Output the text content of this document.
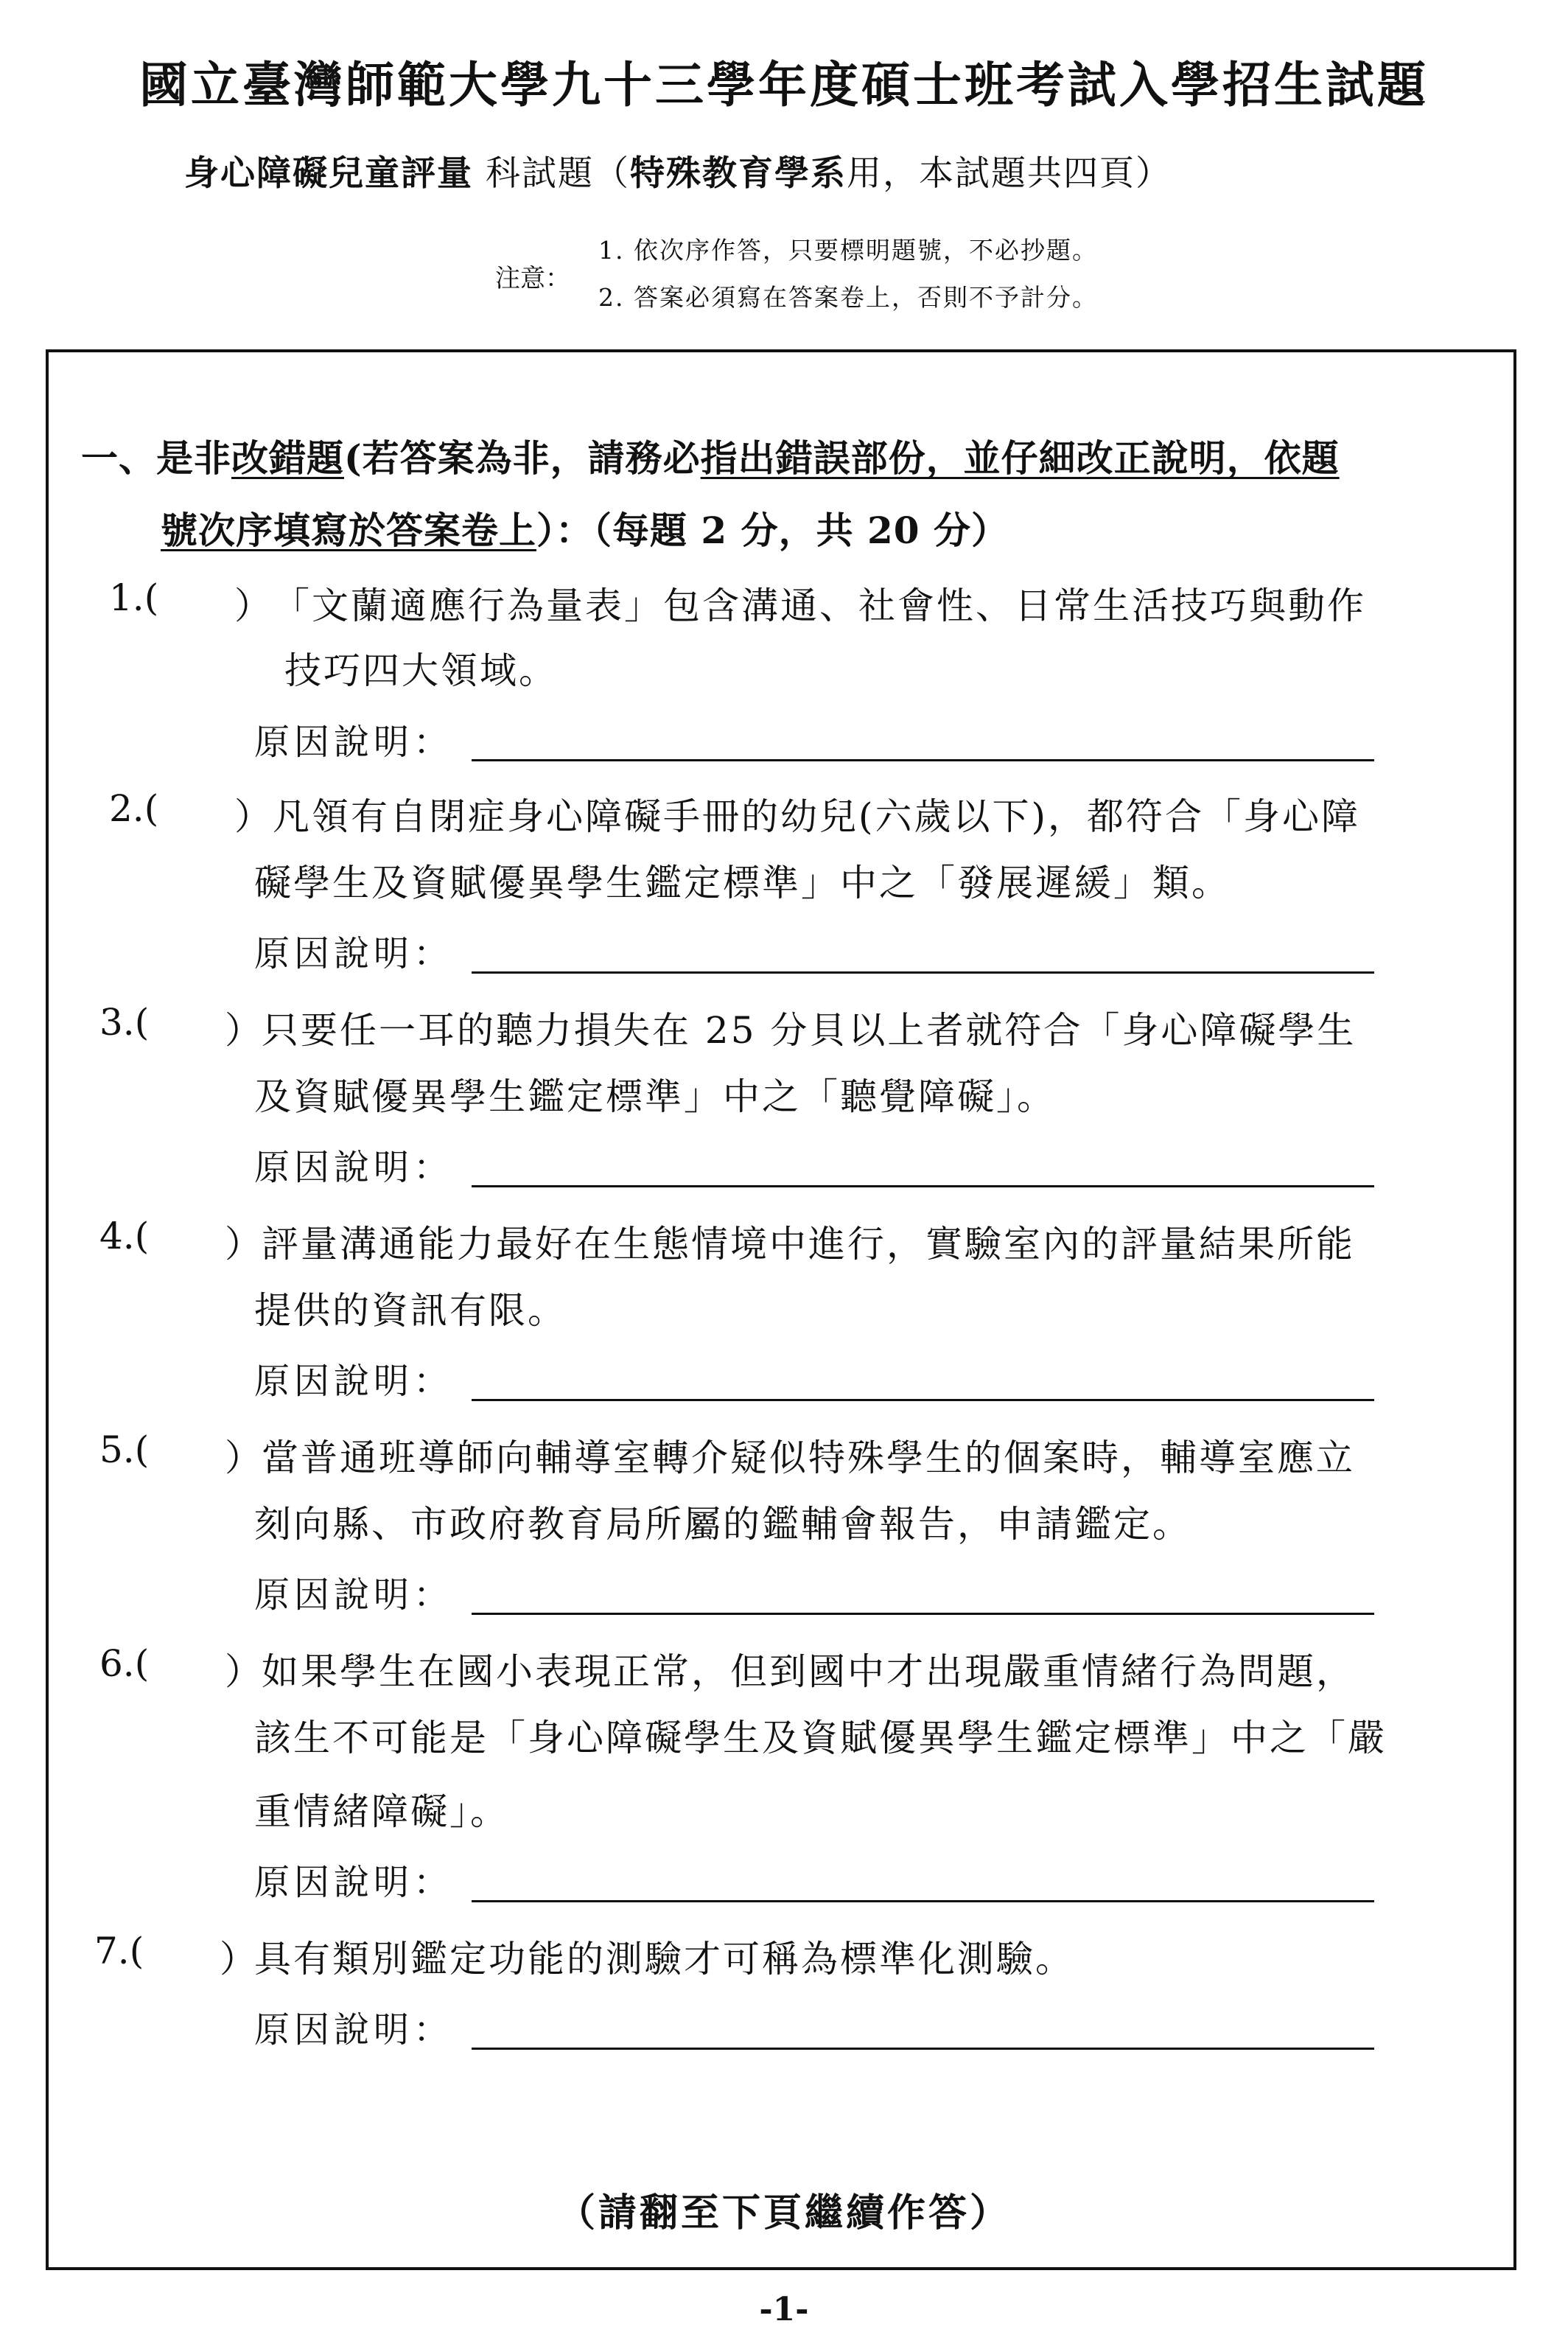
國立臺灣師範大學九十三學年度碩士班考試入學招生試題
身心障礙兒童評量 科試題（特殊教育學系用，本試題共四頁）
注意：
1. 依次序作答，只要標明題號，不必抄題。
2. 答案必須寫在答案卷上，否則不予計分。
一、是非改錯題(若答案為非，請務必指出錯誤部份，並仔細改正說明，依題
號次序填寫於答案卷上）：（每題 2 分，共 20 分）
1.( ） 「文蘭適應行為量表」包含溝通、社會性、日常生活技巧與動作
技巧四大領域。
原因說明：
2.( ） 凡領有自閉症身心障礙手冊的幼兒(六歲以下)，都符合「身心障
礙學生及資賦優異學生鑑定標準」中之「發展遲緩」類。
原因說明：
3.( ） 只要任一耳的聽力損失在 25 分貝以上者就符合「身心障礙學生
及資賦優異學生鑑定標準」中之「聽覺障礙」。
原因說明：
4.( ） 評量溝通能力最好在生態情境中進行，實驗室內的評量結果所能
提供的資訊有限。
原因說明：
5.( ） 當普通班導師向輔導室轉介疑似特殊學生的個案時，輔導室應立
刻向縣、市政府教育局所屬的鑑輔會報告，申請鑑定。
原因說明：
6.( ） 如果學生在國小表現正常，但到國中才出現嚴重情緒行為問題，
該生不可能是「身心障礙學生及資賦優異學生鑑定標準」中之「嚴
重情緒障礙」。
原因說明：
7.( ）
具有類別鑑定功能的測驗才可稱為標準化測驗。
原因說明：
（請翻至下頁繼續作答）
-1-
